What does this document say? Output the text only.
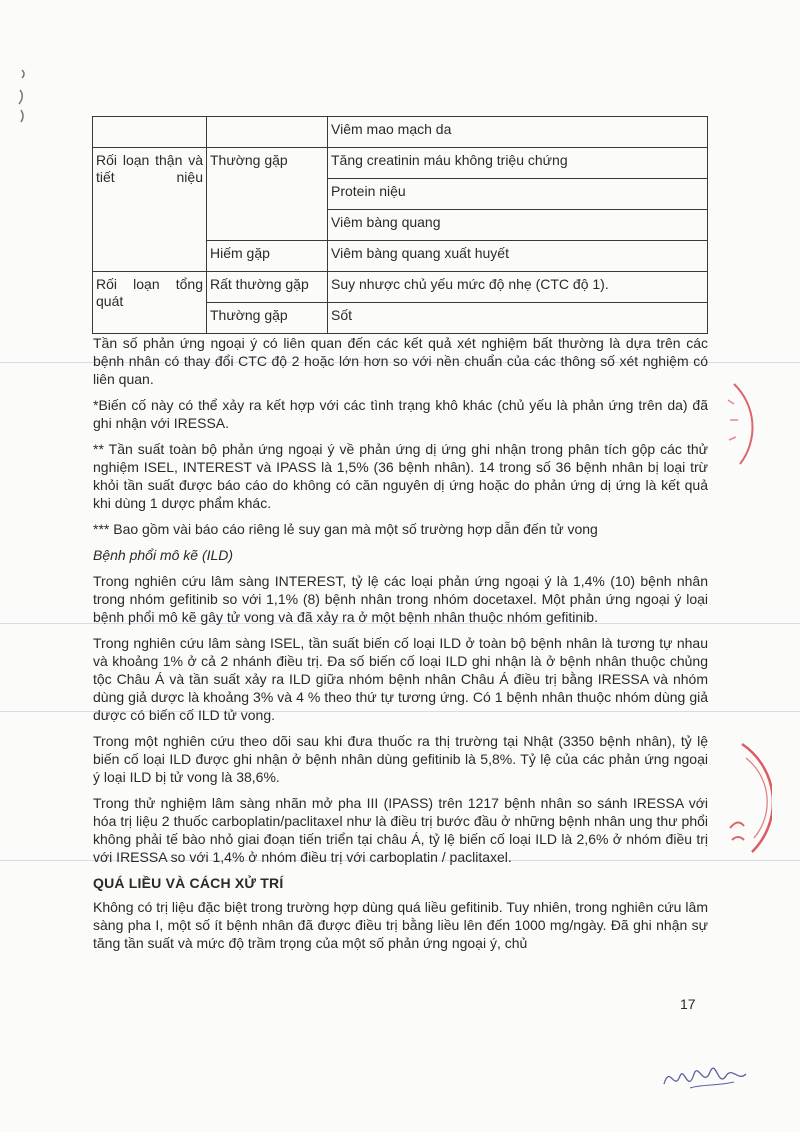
		Viêm mao mạch da

Rối loạn thận và tiết niệu	Thường gặp	Tăng creatinin máu không triệu chứng
		Protein niệu
		Viêm bàng quang
	Hiếm gặp	Viêm bàng quang xuất huyết

Rối loạn tổng quát	Rất thường gặp	Suy nhược chủ yếu mức độ nhẹ (CTC độ 1).
	Thường gặp	Sốt

Tần số phản ứng ngoại ý có liên quan đến các kết quả xét nghiệm bất thường là dựa trên các bệnh nhân có thay đổi CTC độ 2 hoặc lớn hơn so với nền chuẩn của các thông số xét nghiệm có liên quan.

*Biến cố này có thể xảy ra kết hợp với các tình trạng khô khác (chủ yếu là phản ứng trên da) đã ghi nhận với IRESSA.

** Tần suất toàn bộ phản ứng ngoại ý về phản ứng dị ứng ghi nhận trong phân tích gộp các thử nghiệm ISEL, INTEREST và IPASS là 1,5% (36 bệnh nhân). 14 trong số 36 bệnh nhân bị loại trừ khỏi tần suất được báo cáo do không có căn nguyên dị ứng hoặc do phản ứng dị ứng là kết quả khi dùng 1 dược phẩm khác.

*** Bao gồm vài báo cáo riêng lẻ suy gan mà một số trường hợp dẫn đến tử vong

Bệnh phổi mô kẽ (ILD)

Trong nghiên cứu lâm sàng INTEREST, tỷ lệ các loại phản ứng ngoại ý là 1,4% (10) bệnh nhân trong nhóm gefitinib so với 1,1% (8) bệnh nhân trong nhóm docetaxel. Một phản ứng ngoại ý loại bệnh phổi mô kẽ gây tử vong và đã xảy ra ở một bệnh nhân thuộc nhóm gefitinib.

Trong nghiên cứu lâm sàng ISEL, tần suất biến cố loại ILD ở toàn bộ bệnh nhân là tương tự nhau và khoảng 1% ở cả 2 nhánh điều trị. Đa số biến cố loại ILD ghi nhận là ở bệnh nhân thuộc chủng tộc Châu Á và tần suất xảy ra ILD giữa nhóm bệnh nhân Châu Á điều trị bằng IRESSA và nhóm dùng giả dược là khoảng 3% và 4 % theo thứ tự tương ứng. Có 1 bệnh nhân thuộc nhóm dùng giả dược có biến cố ILD tử vong.

Trong một nghiên cứu theo dõi sau khi đưa thuốc ra thị trường tại Nhật (3350 bệnh nhân), tỷ lệ biến cố loại ILD được ghi nhận ở bệnh nhân dùng gefitinib là 5,8%. Tỷ lệ của các phản ứng ngoại ý loại ILD bị tử vong là 38,6%.

Trong thử nghiệm lâm sàng nhãn mở pha III (IPASS) trên 1217 bệnh nhân so sánh IRESSA với hóa trị liệu 2 thuốc carboplatin/paclitaxel như là điều trị bước đầu ở những bệnh nhân ung thư phổi không phải tế bào nhỏ giai đoạn tiến triển tại châu Á, tỷ lệ biến cố loại ILD là 2,6% ở nhóm điều trị với IRESSA so với 1,4% ở nhóm điều trị với carboplatin / paclitaxel.

QUÁ LIỀU VÀ CÁCH XỬ TRÍ

Không có trị liệu đặc biệt trong trường hợp dùng quá liều gefitinib. Tuy nhiên, trong nghiên cứu lâm sàng pha I, một số ít bệnh nhân đã được điều trị bằng liều lên đến 1000 mg/ngày. Đã ghi nhận sự tăng tần suất và mức độ trầm trọng của một số phản ứng ngoại ý, chủ

17
